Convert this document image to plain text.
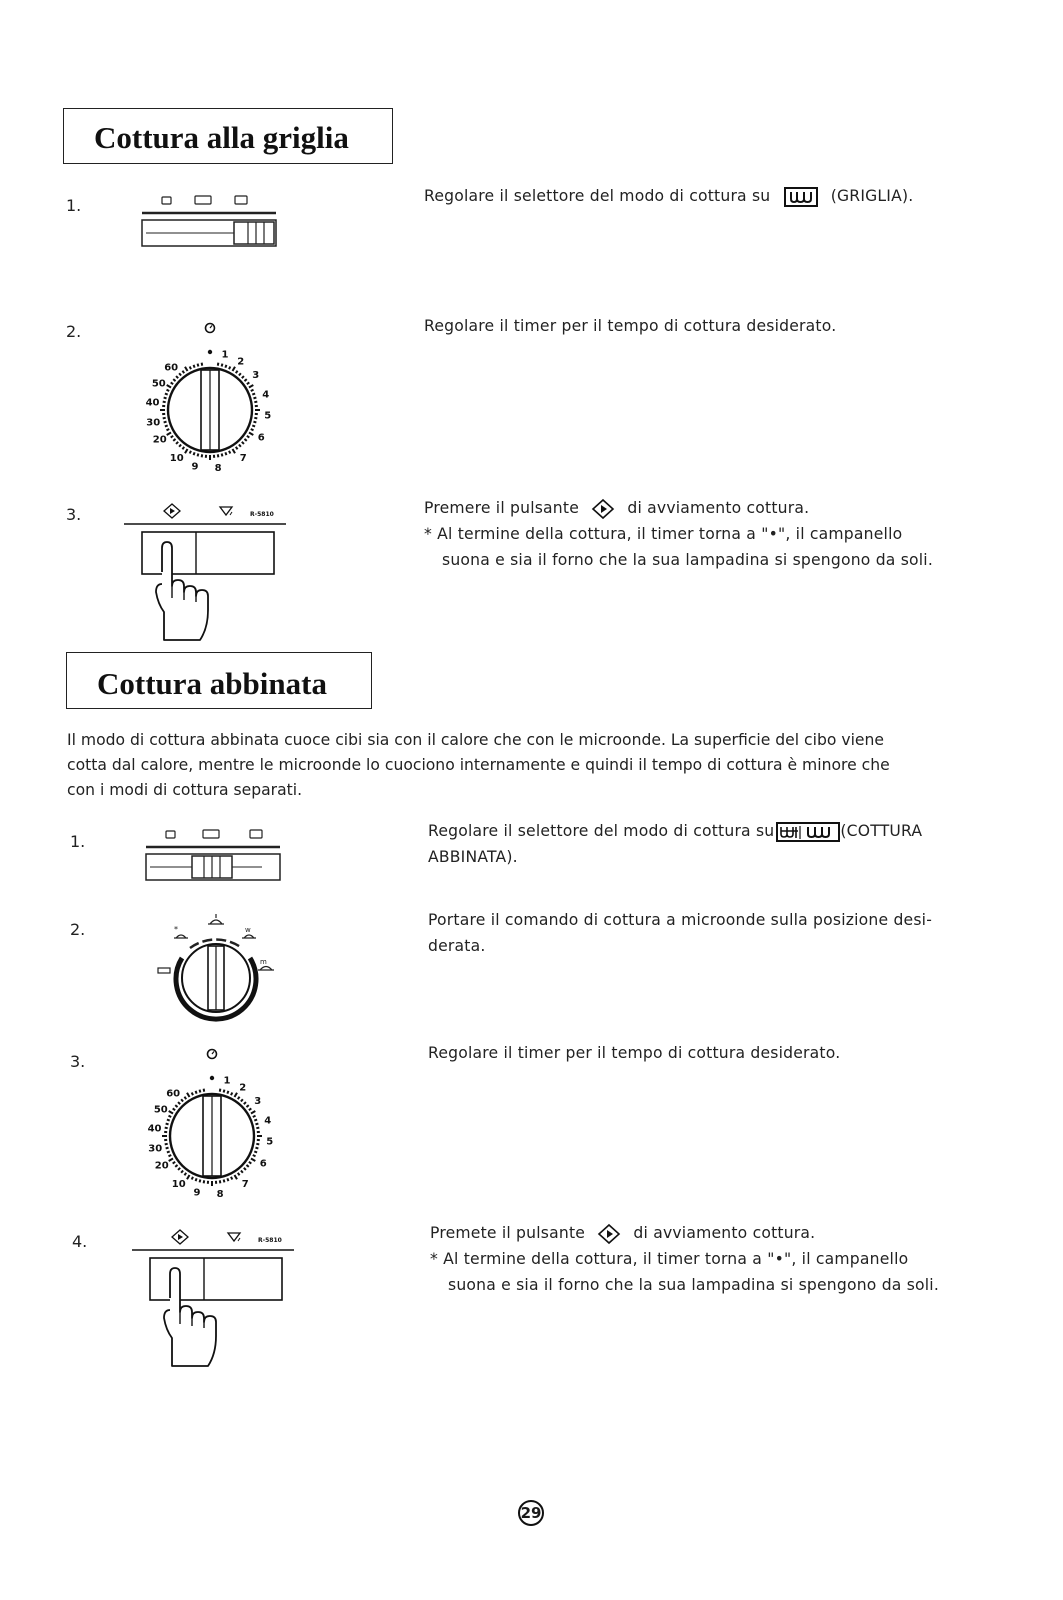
Cottura alla griglia
1.	Regolare il selettore del modo di cottura su	(GRIGLIA).
2.
1
2
3
4
5
6
7
8
9
10
20
30
40
50
60
Regolare il timer per il tempo di cottura desiderato.
3.	R-5810	Premere il pulsante	di avviamento cottura.
* Al termine della cottura, il timer torna a "•", il campanello
suona e sia il forno che la sua lampadina si spengono da soli.
Cottura abbinata
Il modo di cottura abbinata cuoce cibi sia con il calore che con le microonde. La superficie del cibo viene
cotta dal calore, mentre le microonde lo cuociono internamente e quindi il tempo di cottura è minore che
con i modi di cottura separati.
1.
Regolare il selettore del modo di cottura su	(COTTURA
ABBINATA).
2.	*	w
m
Portare il comando di cottura a microonde sulla posizione desi-
derata.
3.
1
2
3
4
5
6
7
8
9
10
20
30
40
50
60
Regolare il timer per il tempo di cottura desiderato.
4.	R-5810	Premete il pulsante	di avviamento cottura.
* Al termine della cottura, il timer torna a "•", il campanello
suona e sia il forno che la sua lampadina si spengono da soli.
29
